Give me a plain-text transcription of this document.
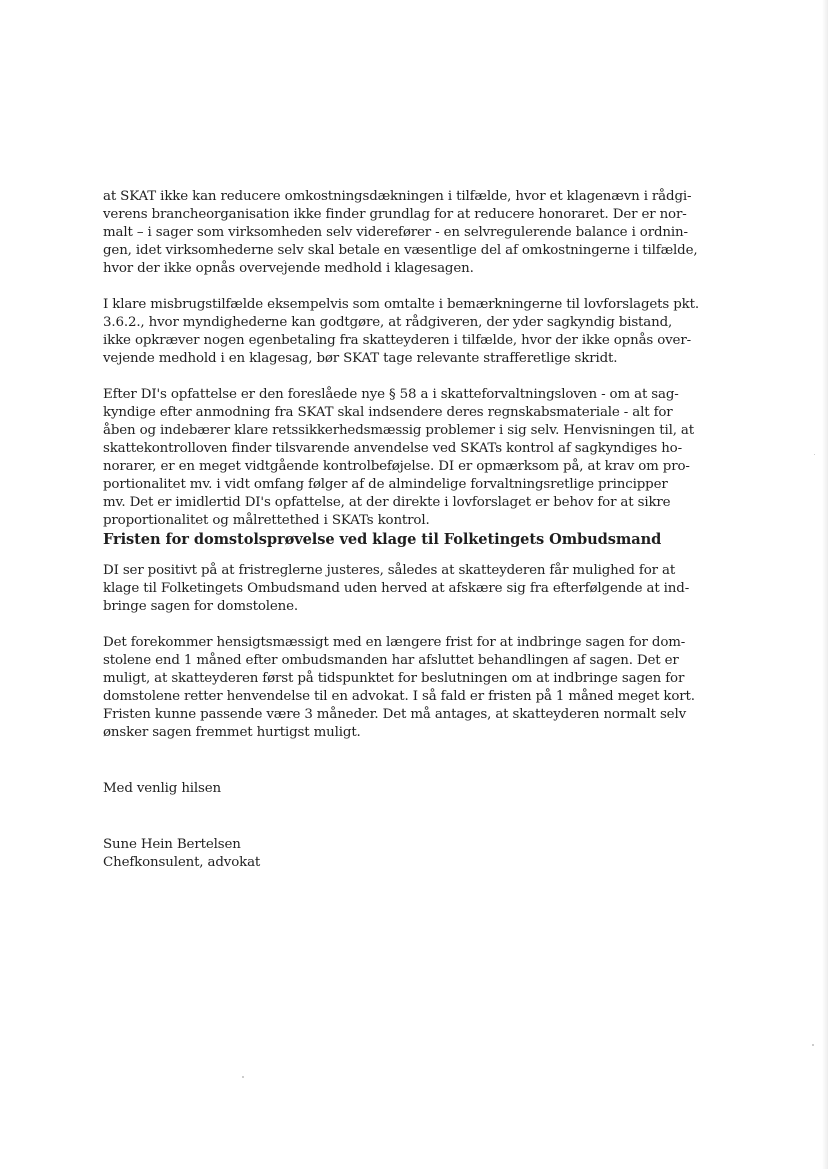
at SKAT ikke kan reducere omkostningsdækningen i tilfælde, hvor et klagenævn i rådgi-
verens brancheorganisation ikke finder grundlag for at reducere honoraret. Der er nor-
malt – i sager som virksomheden selv viderefører - en selvregulerende balance i ordnin-
gen, idet virksomhederne selv skal betale en væsentlige del af omkostningerne i tilfælde,
hvor der ikke opnås overvejende medhold i klagesagen.

I klare misbrugstilfælde eksempelvis som omtalte i bemærkningerne til lovforslagets pkt.
3.6.2., hvor myndighederne kan godtgøre, at rådgiveren, der yder sagkyndig bistand,
ikke opkræver nogen egenbetaling fra skatteyderen i tilfælde, hvor der ikke opnås over-
vejende medhold i en klagesag, bør SKAT tage relevante strafferetlige skridt.

Efter DI's opfattelse er den foreslåede nye § 58 a i skatteforvaltningsloven - om at sag-
kyndige efter anmodning fra SKAT skal indsendere deres regnskabsmateriale - alt for
åben og indebærer klare retssikkerhedsmæssig problemer i sig selv. Henvisningen til, at
skattekontrolloven finder tilsvarende anvendelse ved SKATs kontrol af sagkyndiges ho-
norarer, er en meget vidtgående kontrolbeføjelse. DI er opmærksom på, at krav om pro-
portionalitet mv. i vidt omfang følger af de almindelige forvaltningsretlige principper
mv. Det er imidlertid DI's opfattelse, at der direkte i lovforslaget er behov for at sikre
proportionalitet og målrettethed i SKATs kontrol.

Fristen for domstolsprøvelse ved klage til Folketingets Ombudsmand

DI ser positivt på at fristreglerne justeres, således at skatteyderen får mulighed for at
klage til Folketingets Ombudsmand uden herved at afskære sig fra efterfølgende at ind-
bringe sagen for domstolene.

Det forekommer hensigtsmæssigt med en længere frist for at indbringe sagen for dom-
stolene end 1 måned efter ombudsmanden har afsluttet behandlingen af sagen. Det er
muligt, at skatteyderen først på tidspunktet for beslutningen om at indbringe sagen for
domstolene retter henvendelse til en advokat. I så fald er fristen på 1 måned meget kort.
Fristen kunne passende være 3 måneder. Det må antages, at skatteyderen normalt selv
ønsker sagen fremmet hurtigst muligt.

Med venlig hilsen

Sune Hein Bertelsen
Chefkonsulent, advokat
